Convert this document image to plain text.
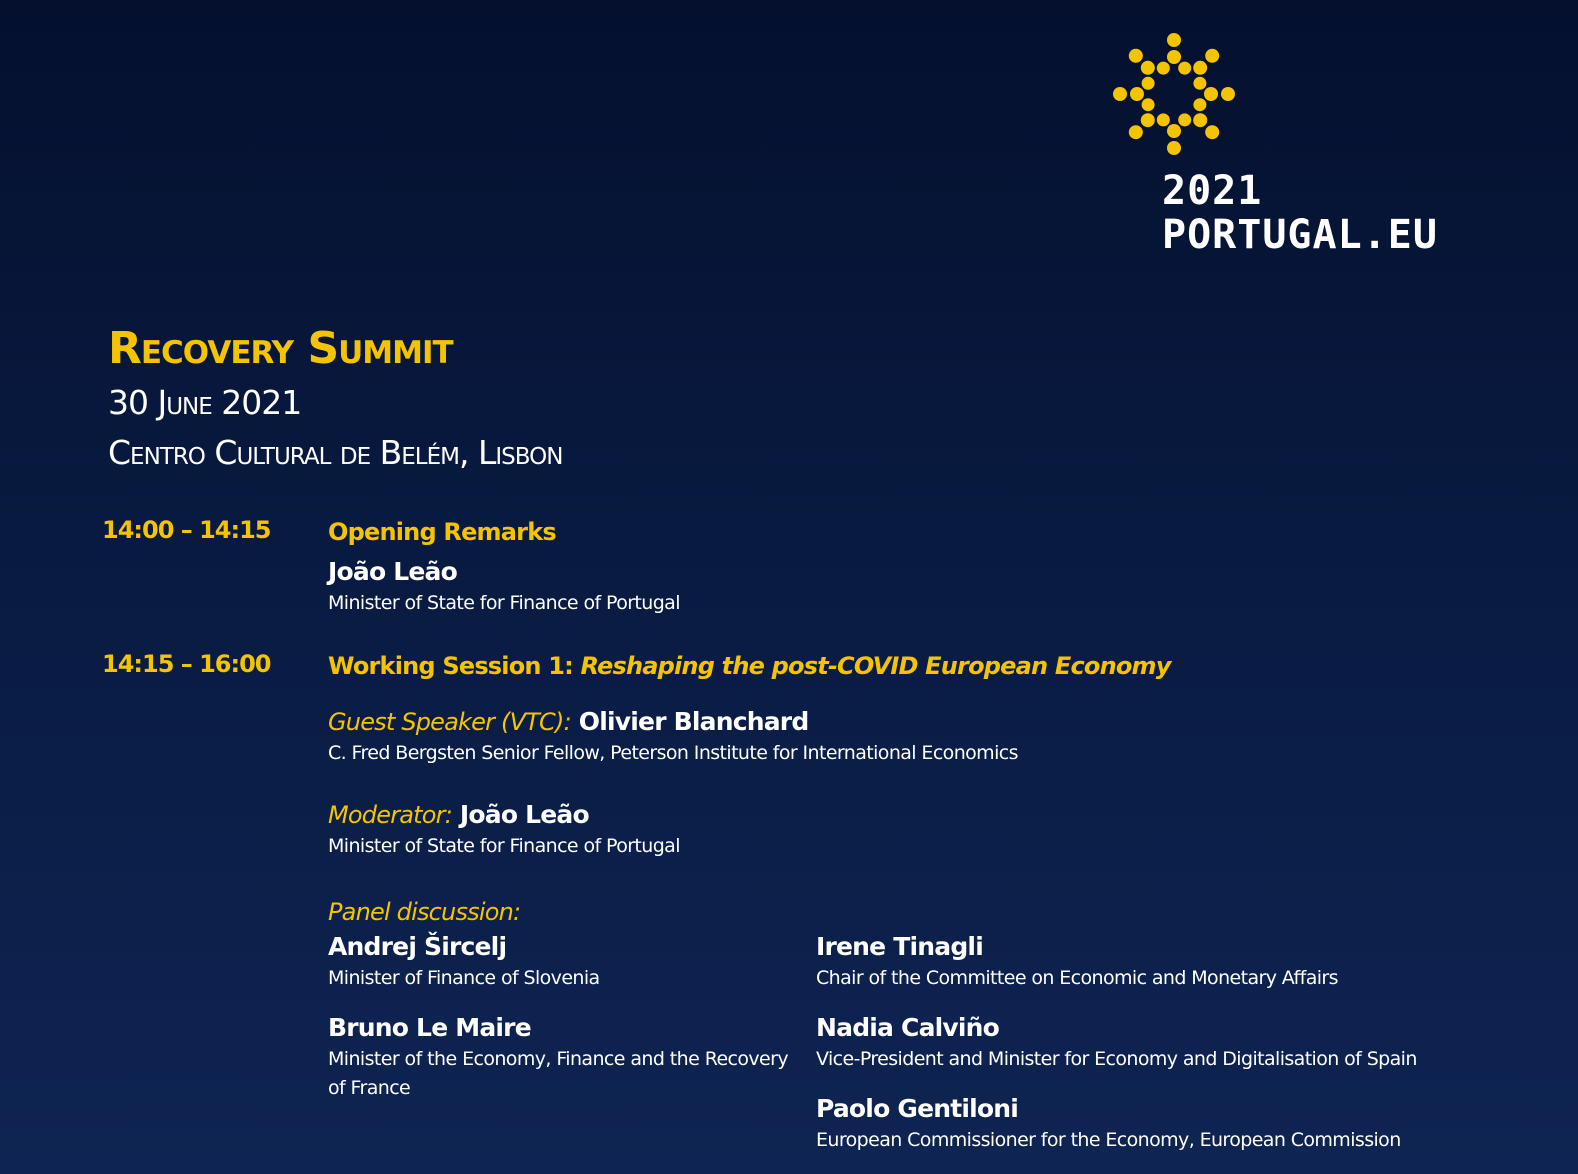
2021
PORTUGAL.EU
Recovery Summit

30 June 2021

Centro Cultural de Belém, Lisbon

14:00 – 14:15 Opening Remarks
João Leão
Minister of State for Finance of Portugal
14:15 – 16:00 Working Session 1: Reshaping the post-COVID European Economy
Guest Speaker (VTC): Olivier Blanchard
C. Fred Bergsten Senior Fellow, Peterson Institute for International Economics
Moderator: João Leão
Minister of State for Finance of Portugal
Panel discussion:
Andrej Šircelj
Minister of Finance of Slovenia
Bruno Le Maire
Minister of the Economy, Finance and the Recovery of France
Irene Tinagli
Chair of the Committee on Economic and Monetary Affairs
Nadia Calviño
Vice-President and Minister for Economy and Digitalisation of Spain
Paolo Gentiloni
European Commissioner for the Economy, European Commission
